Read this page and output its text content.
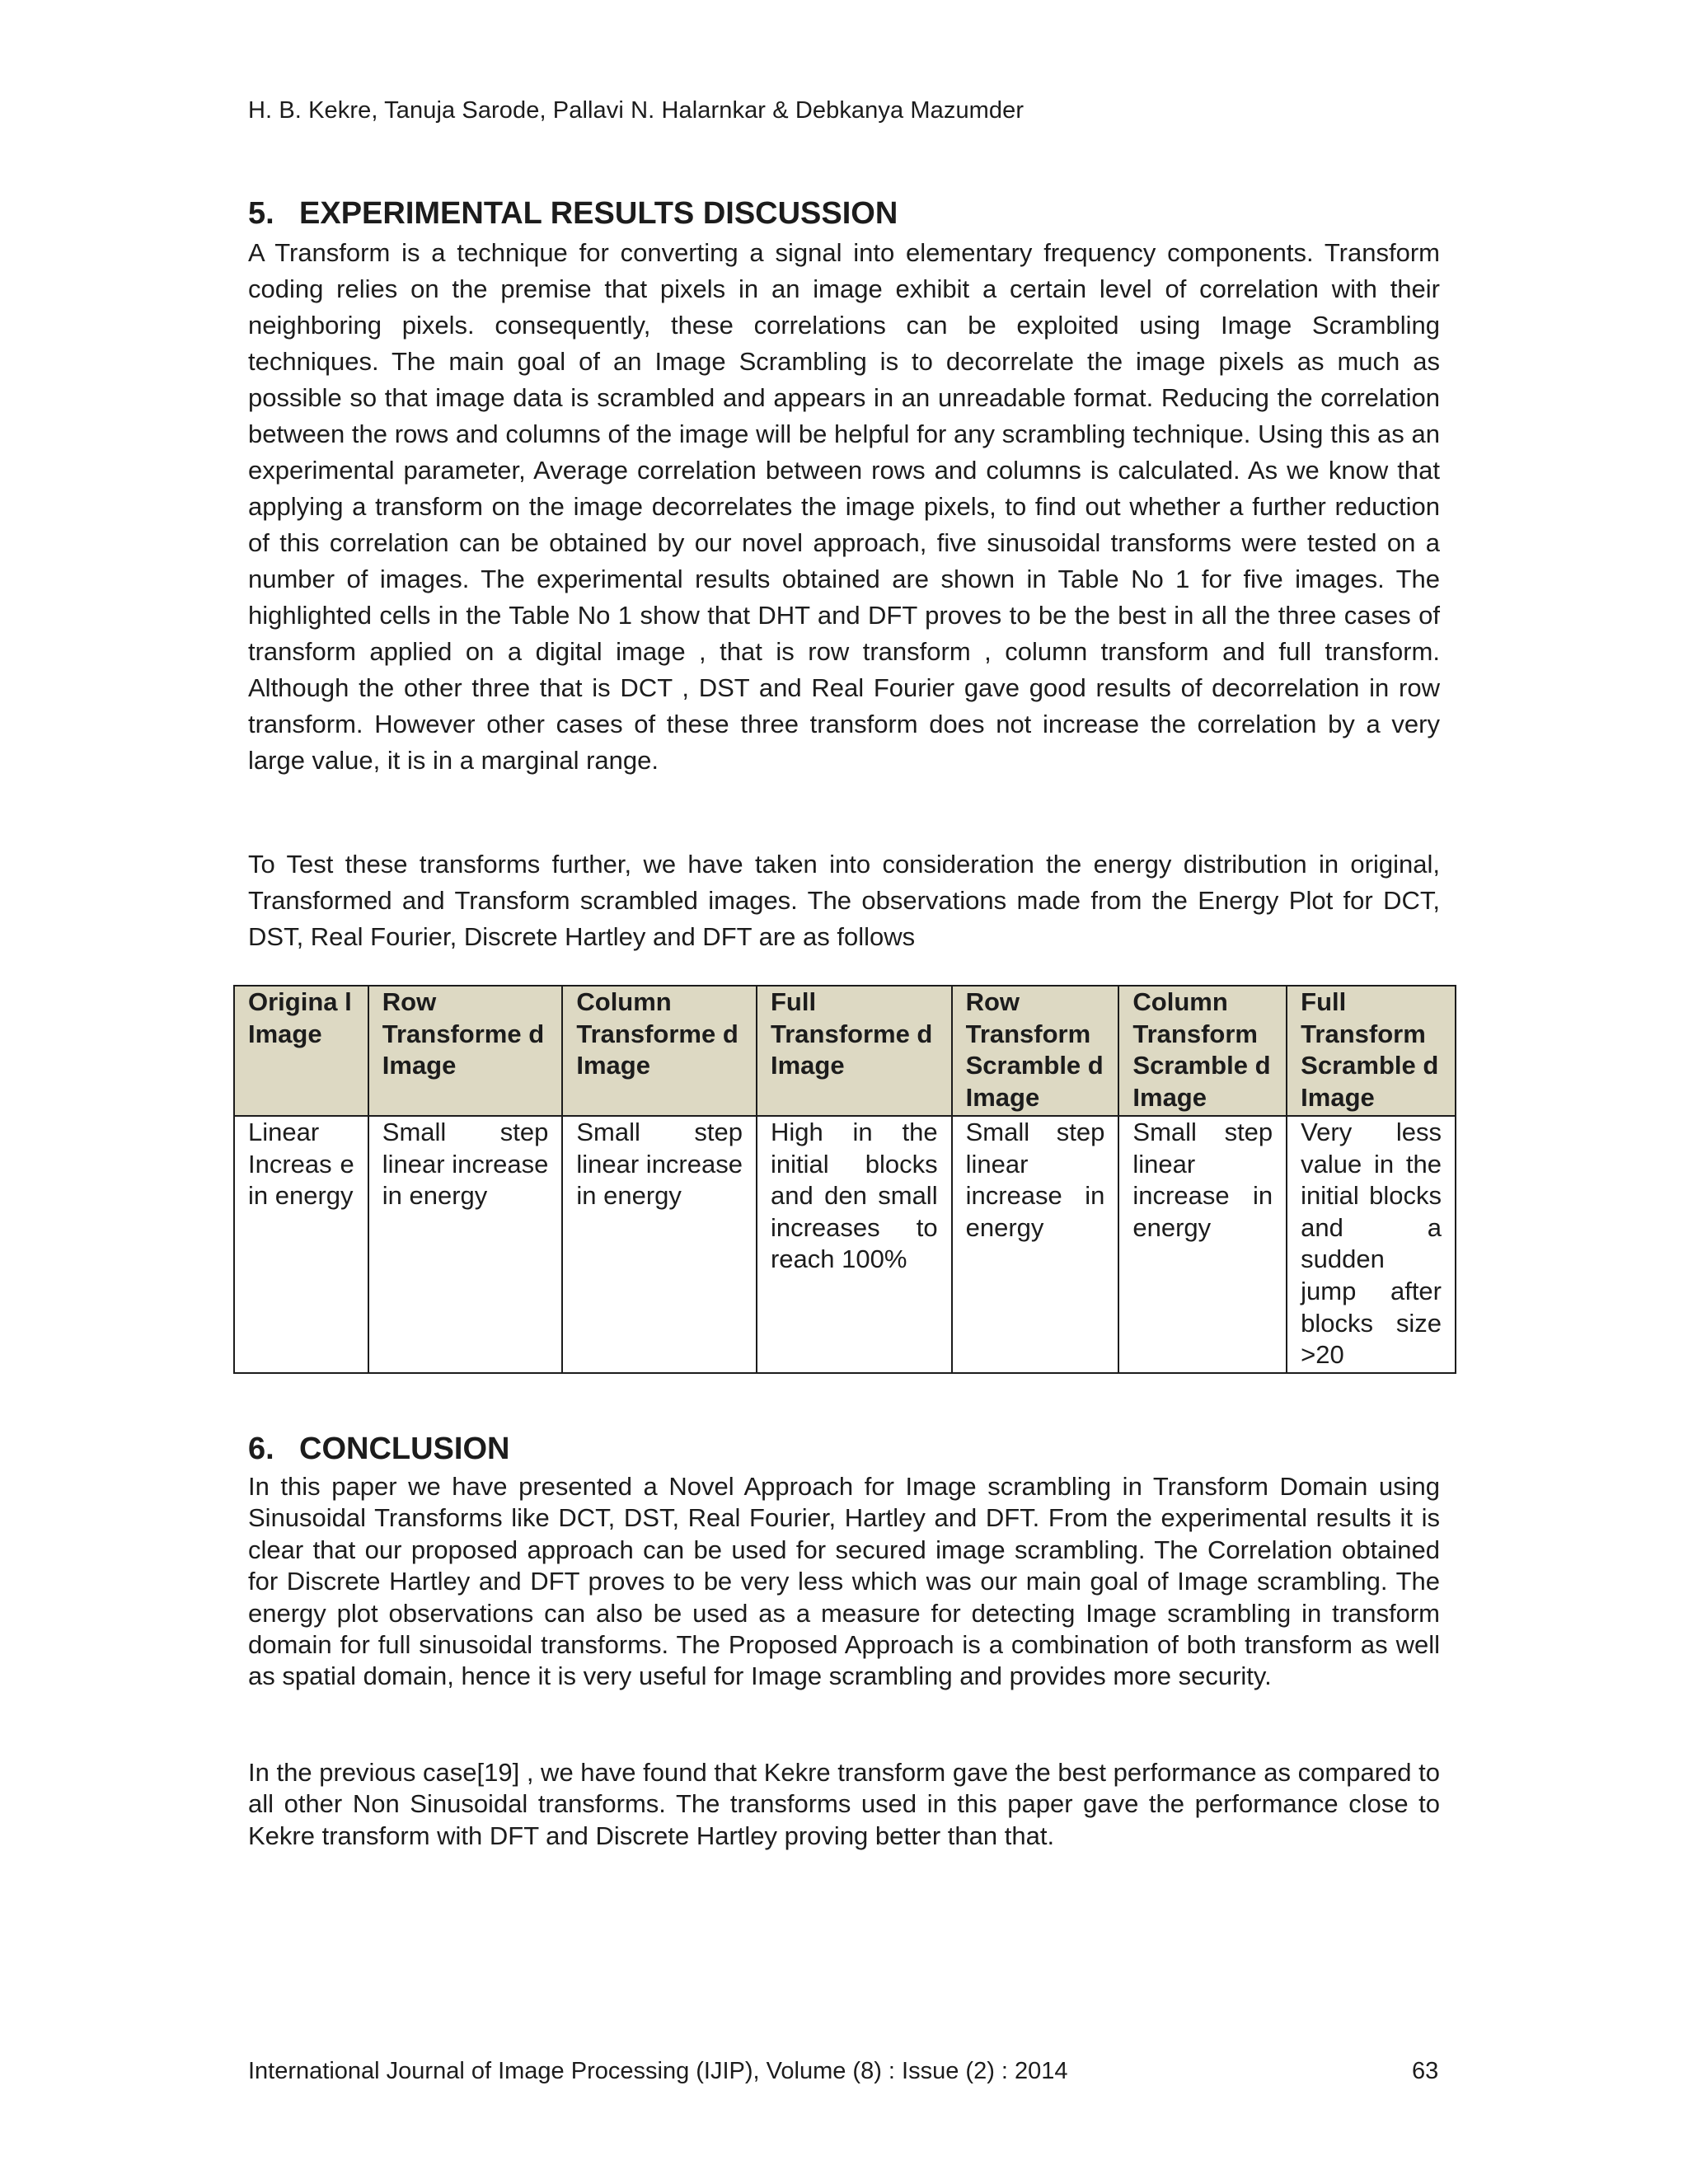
H. B. Kekre, Tanuja Sarode, Pallavi N. Halarnkar & Debkanya Mazumder
5. EXPERIMENTAL RESULTS DISCUSSION

A Transform is a technique for converting a signal into elementary frequency components. Transform coding relies on the premise that pixels in an image exhibit a certain level of correlation with their neighboring pixels. consequently, these correlations can be exploited using Image Scrambling techniques. The main goal of an Image Scrambling is to decorrelate the image pixels as much as possible so that image data is scrambled and appears in an unreadable format. Reducing the correlation between the rows and columns of the image will be helpful for any scrambling technique. Using this as an experimental parameter, Average correlation between rows and columns is calculated. As we know that applying a transform on the image decorrelates the image pixels, to find out whether a further reduction of this correlation can be obtained by our novel approach, five sinusoidal transforms were tested on a number of images. The experimental results obtained are shown in Table No 1 for five images. The highlighted cells in the Table No 1 show that DHT and DFT proves to be the best in all the three cases of transform applied on a digital image , that is row transform , column transform and full transform. Although the other three that is DCT , DST and Real Fourier gave good results of decorrelation in row transform. However other cases of these three transform does not increase the correlation by a very large value, it is in a marginal range.

To Test these transforms further, we have taken into consideration the energy distribution in original, Transformed and Transform scrambled images. The observations made from the Energy Plot for DCT, DST, Real Fourier, Discrete Hartley and DFT are as follows

Origina l Image	Row Transforme d Image	Column Transforme d Image	Full Transforme d Image	Row Transform Scramble d Image	Column Transform Scramble d Image	Full Transform Scramble d Image
Linear Increas e in energy	Small step linear increase in energy	Small step linear increase in energy	High in the initial blocks and den small increases to reach 100%	Small step linear increase in energy	Small step linear increase in energy	Very less value in the initial blocks and a sudden jump after blocks size >20
6. CONCLUSION

In this paper we have presented a Novel Approach for Image scrambling in Transform Domain using Sinusoidal Transforms like DCT, DST, Real Fourier, Hartley and DFT. From the experimental results it is clear that our proposed approach can be used for secured image scrambling. The Correlation obtained for Discrete Hartley and DFT proves to be very less which was our main goal of Image scrambling. The energy plot observations can also be used as a measure for detecting Image scrambling in transform domain for full sinusoidal transforms. The Proposed Approach is a combination of both transform as well as spatial domain, hence it is very useful for Image scrambling and provides more security.

In the previous case[19] , we have found that Kekre transform gave the best performance as compared to all other Non Sinusoidal transforms. The transforms used in this paper gave the performance close to Kekre transform with DFT and Discrete Hartley proving better than that.

International Journal of Image Processing (IJIP), Volume (8) : Issue (2) : 2014	63
